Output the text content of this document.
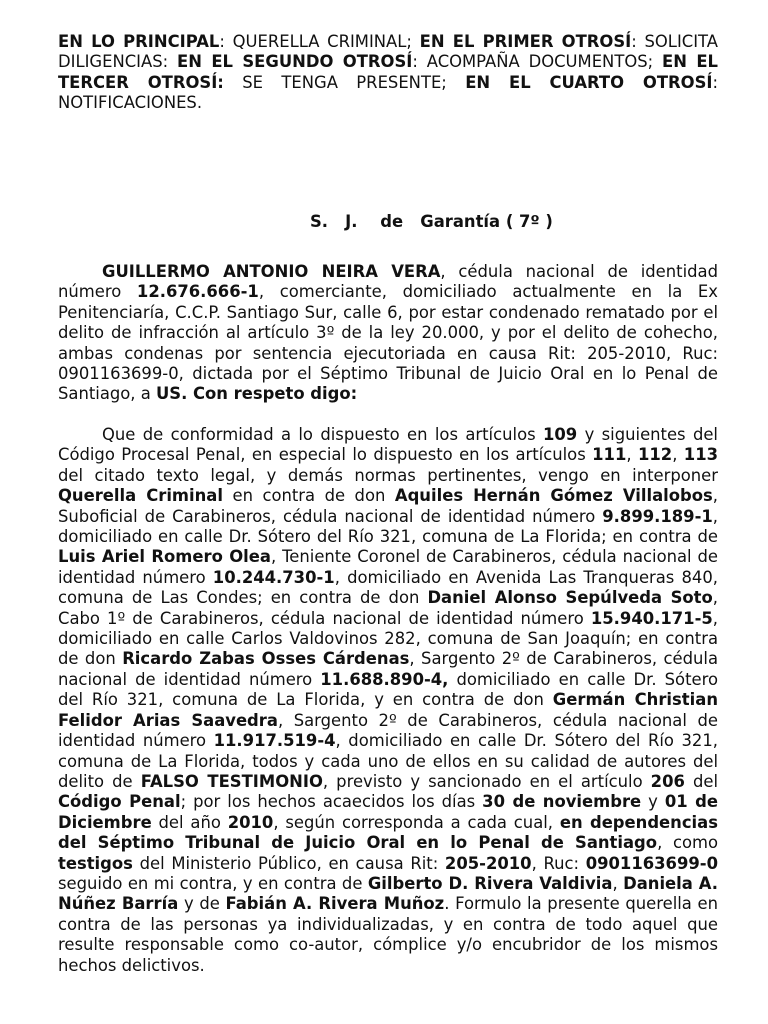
EN LO PRINCIPAL: QUERELLA CRIMINAL; EN EL PRIMER OTROSÍ: SOLICITA DILIGENCIAS: EN EL SEGUNDO OTROSÍ: ACOMPAÑA DOCUMENTOS; EN EL TERCER OTROSÍ: SE TENGA PRESENTE; EN EL CUARTO OTROSÍ: NOTIFICACIONES.

S.   J.    de   Garantía ( 7º )

GUILLERMO ANTONIO NEIRA VERA, cédula nacional de identidad número 12.676.666-1, comerciante, domiciliado actualmente en la Ex Penitenciaría, C.C.P. Santiago Sur, calle 6, por estar condenado rematado por el delito de infracción al artículo 3º de la ley 20.000, y por el delito de cohecho, ambas condenas por sentencia ejecutoriada en causa Rit: 205-2010, Ruc: 0901163699-0, dictada por el Séptimo Tribunal de Juicio Oral en lo Penal de Santiago, a US. Con respeto digo:

Que de conformidad a lo dispuesto en los artículos 109 y siguientes del Código Procesal Penal, en especial lo dispuesto en los artículos 111, 112, 113 del citado texto legal, y demás normas pertinentes, vengo en interponer Querella Criminal en contra de don Aquiles Hernán Gómez Villalobos, Suboficial de Carabineros, cédula nacional de identidad número 9.899.189-1, domiciliado en calle Dr. Sótero del Río 321, comuna de La Florida; en contra de Luis Ariel Romero Olea, Teniente Coronel de Carabineros, cédula nacional de identidad número 10.244.730-1, domiciliado en Avenida Las Tranqueras 840, comuna de Las Condes; en contra de don Daniel Alonso Sepúlveda Soto, Cabo 1º de Carabineros, cédula nacional de identidad número 15.940.171-5, domiciliado en calle Carlos Valdovinos 282, comuna de San Joaquín; en contra de don Ricardo Zabas Osses Cárdenas, Sargento 2º de Carabineros, cédula nacional de identidad número 11.688.890-4, domiciliado en calle Dr. Sótero del Río 321, comuna de La Florida, y en contra de don Germán Christian Felidor Arias Saavedra, Sargento 2º de Carabineros, cédula nacional de identidad número 11.917.519-4, domiciliado en calle Dr. Sótero del Río 321, comuna de La Florida, todos y cada uno de ellos en su calidad de autores del delito de FALSO TESTIMONIO, previsto y sancionado en el artículo 206 del Código Penal; por los hechos acaecidos los días 30 de noviembre y 01 de Diciembre del año 2010, según corresponda a cada cual, en dependencias del Séptimo Tribunal de Juicio Oral en lo Penal de Santiago, como testigos del Ministerio Público, en causa Rit: 205-2010, Ruc: 0901163699-0 seguido en mi contra, y en contra de Gilberto D. Rivera Valdivia, Daniela A. Núñez Barría y de Fabián A. Rivera Muñoz. Formulo la presente querella en contra de las personas ya individualizadas, y en contra de todo aquel que resulte responsable como co-autor, cómplice y/o encubridor de los mismos hechos delictivos.
